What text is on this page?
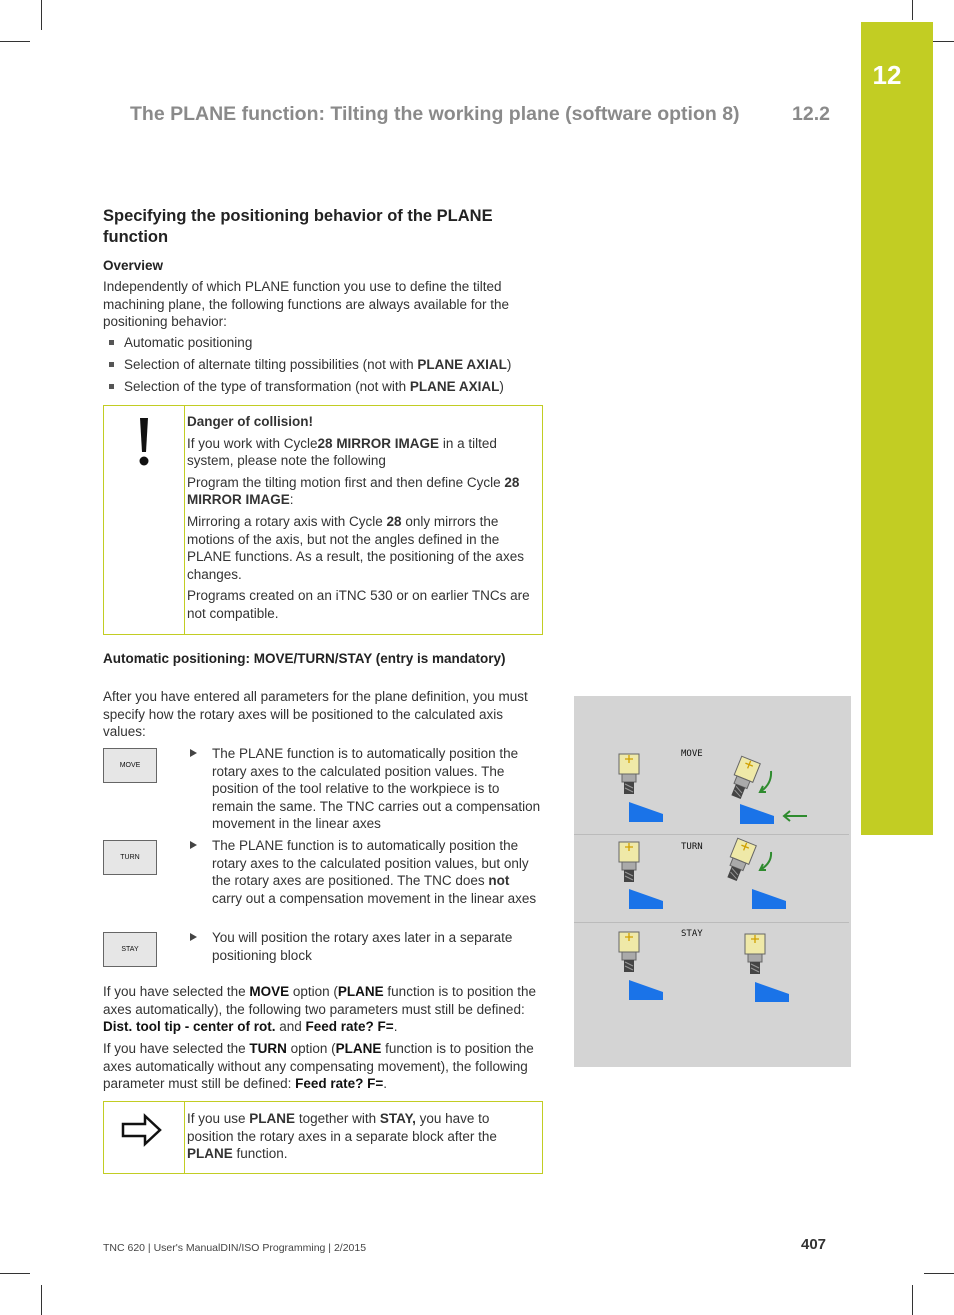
12
The PLANE function: Tilting the working plane (software option 8)	12.2
Specifying the positioning behavior of the PLANE function
Overview
Independently of which PLANE function you use to define the tilted machining plane, the following functions are always available for the positioning behavior:
Automatic positioning
Selection of alternate tilting possibilities (not with PLANE AXIAL)
Selection of the type of transformation (not with PLANE AXIAL)
Danger of collision!
If you work with Cycle28 MIRROR IMAGE in a tilted system, please note the following
Program the tilting motion first and then define Cycle 28 MIRROR IMAGE:
Mirroring a rotary axis with Cycle 28 only mirrors the motions of the axis, but not the angles defined in the PLANE functions. As a result, the positioning of the axes changes.
Programs created on an iTNC 530 or on earlier TNCs are not compatible.
Automatic positioning: MOVE/TURN/STAY (entry is mandatory)
After you have entered all parameters for the plane definition, you must specify how the rotary axes will be positioned to the calculated axis values:
MOVE
The PLANE function is to automatically position the rotary axes to the calculated position values. The position of the tool relative to the workpiece is to remain the same. The TNC carries out a compensation movement in the linear axes
TURN
The PLANE function is to automatically position the rotary axes to the calculated position values, but only the rotary axes are positioned. The TNC does not carry out a compensation movement in the linear axes
STAY
You will position the rotary axes later in a separate positioning block
If you have selected the MOVE option (PLANE function is to position the axes automatically), the following two parameters must still be defined: Dist. tool tip - center of rot. and Feed rate? F=.
If you have selected the TURN option (PLANE function is to position the axes automatically without any compensating movement), the following parameter must still be defined: Feed rate? F=.
If you use PLANE together with STAY, you have to position the rotary axes in a separate block after the PLANE function.
MOVE
TURN
STAY
TNC 620 | User's ManualDIN/ISO Programming | 2/2015	407
